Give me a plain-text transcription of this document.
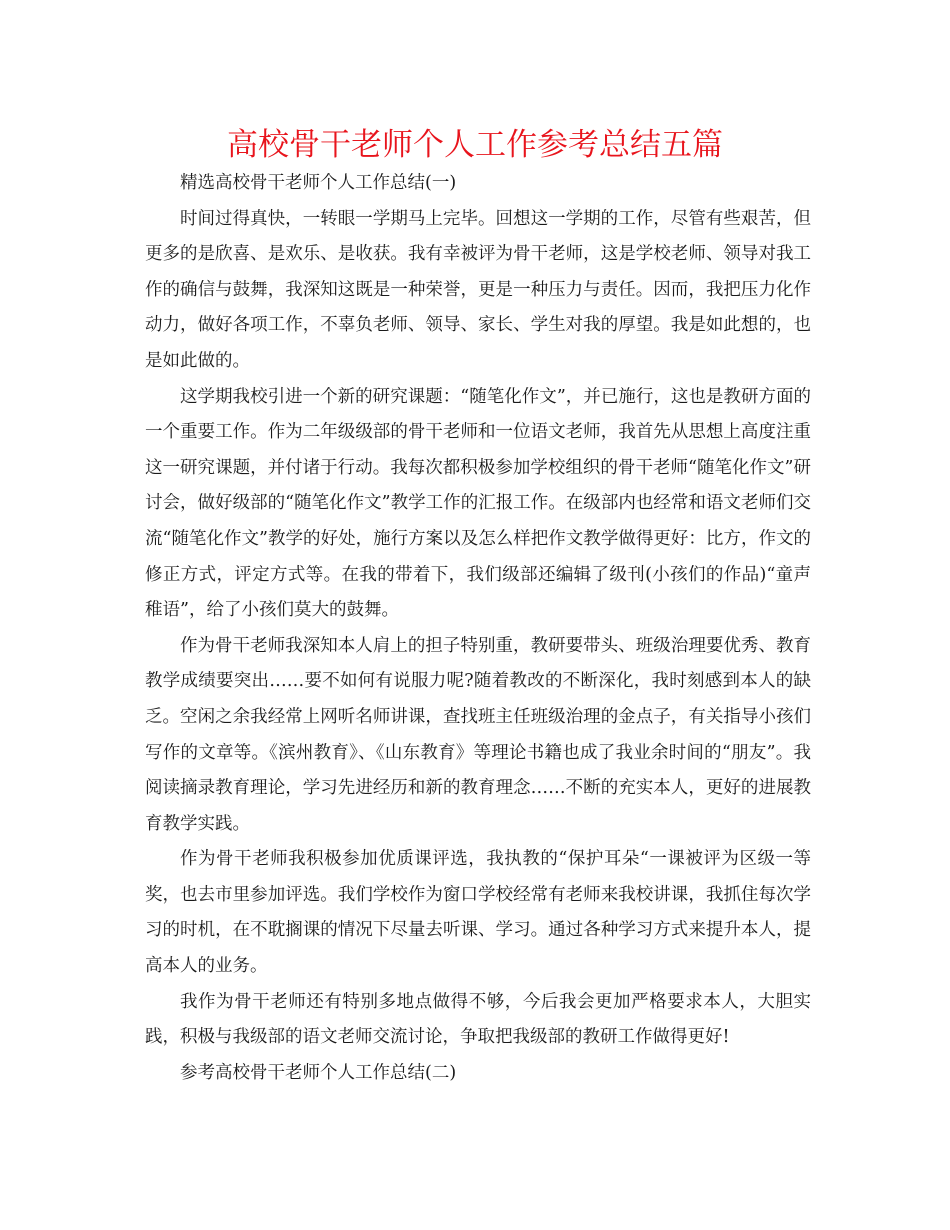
高校骨干老师个人工作参考总结五篇

精选高校骨干老师个人工作总结(一)

时间过得真快，一转眼一学期马上完毕。回想这一学期的工作，尽管有些艰苦，但更多的是欣喜、是欢乐、是收获。我有幸被评为骨干老师，这是学校老师、领导对我工作的确信与鼓舞，我深知这既是一种荣誉，更是一种压力与责任。因而，我把压力化作动力，做好各项工作，不辜负老师、领导、家长、学生对我的厚望。我是如此想的，也是如此做的。

这学期我校引进一个新的研究课题：“随笔化作文”，并已施行，这也是教研方面的一个重要工作。作为二年级级部的骨干老师和一位语文老师，我首先从思想上高度注重这一研究课题，并付诸于行动。我每次都积极参加学校组织的骨干老师“随笔化作文”研讨会，做好级部的“随笔化作文”教学工作的汇报工作。在级部内也经常和语文老师们交流“随笔化作文”教学的好处，施行方案以及怎么样把作文教学做得更好：比方，作文的修正方式，评定方式等。在我的带着下，我们级部还编辑了级刊(小孩们的作品)“童声稚语”，给了小孩们莫大的鼓舞。

作为骨干老师我深知本人肩上的担子特别重，教研要带头、班级治理要优秀、教育教学成绩要突出……要不如何有说服力呢?随着教改的不断深化，我时刻感到本人的缺乏。空闲之余我经常上网听名师讲课，查找班主任班级治理的金点子，有关指导小孩们写作的文章等。《滨州教育》、《山东教育》等理论书籍也成了我业余时间的“朋友”。我阅读摘录教育理论，学习先进经历和新的教育理念……不断的充实本人，更好的进展教育教学实践。

作为骨干老师我积极参加优质课评选，我执教的“保护耳朵“一课被评为区级一等奖，也去市里参加评选。我们学校作为窗口学校经常有老师来我校讲课，我抓住每次学习的时机，在不耽搁课的情况下尽量去听课、学习。通过各种学习方式来提升本人，提高本人的业务。

我作为骨干老师还有特别多地点做得不够，今后我会更加严格要求本人，大胆实践，积极与我级部的语文老师交流讨论，争取把我级部的教研工作做得更好!

参考高校骨干老师个人工作总结(二)
